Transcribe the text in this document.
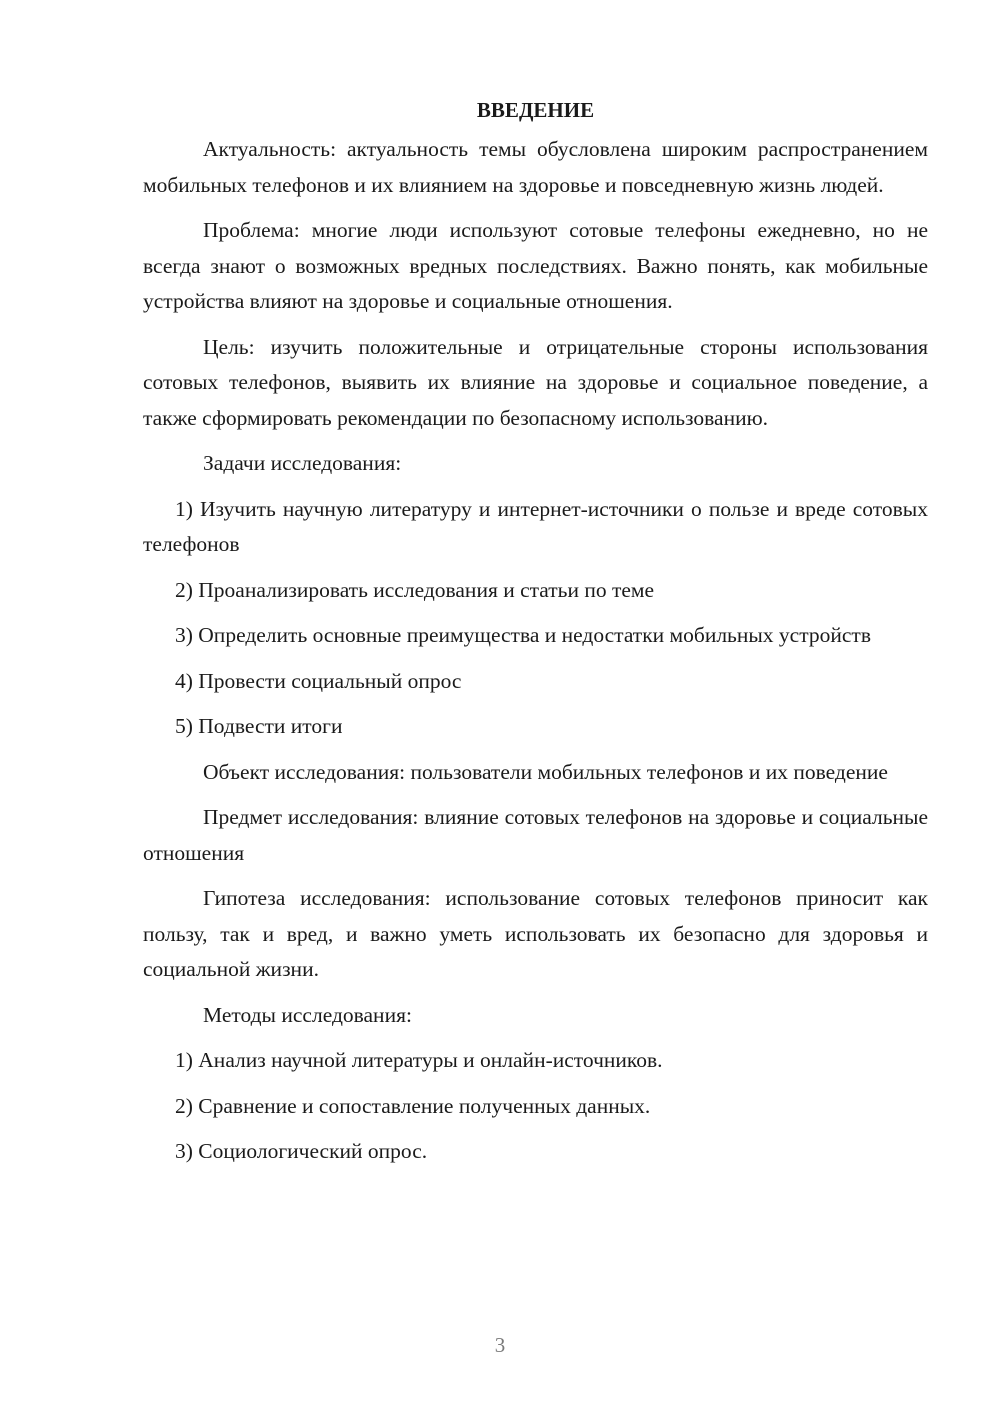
ВВЕДЕНИЕ

Актуальность: актуальность темы обусловлена широким распространением мобильных телефонов и их влиянием на здоровье и повседневную жизнь людей.

Проблема: многие люди используют сотовые телефоны ежедневно, но не всегда знают о возможных вредных последствиях. Важно понять, как мобильные устройства влияют на здоровье и социальные отношения.

Цель: изучить положительные и отрицательные стороны использования сотовых телефонов, выявить их влияние на здоровье и социальное поведение, а также сформировать рекомендации по безопасному использованию.

Задачи исследования:

1) Изучить научную литературу и интернет-источники о пользе и вреде сотовых телефонов

2) Проанализировать исследования и статьи по теме

3) Определить основные преимущества и недостатки мобильных устройств

4) Провести социальный опрос

5) Подвести итоги

Объект исследования: пользователи мобильных телефонов и их поведение

Предмет исследования: влияние сотовых телефонов на здоровье и социальные отношения

Гипотеза исследования: использование сотовых телефонов приносит как пользу, так и вред, и важно уметь использовать их безопасно для здоровья и социальной жизни.

Методы исследования:

1) Анализ научной литературы и онлайн-источников.

2) Сравнение и сопоставление полученных данных.

3) Социологический опрос.

3
